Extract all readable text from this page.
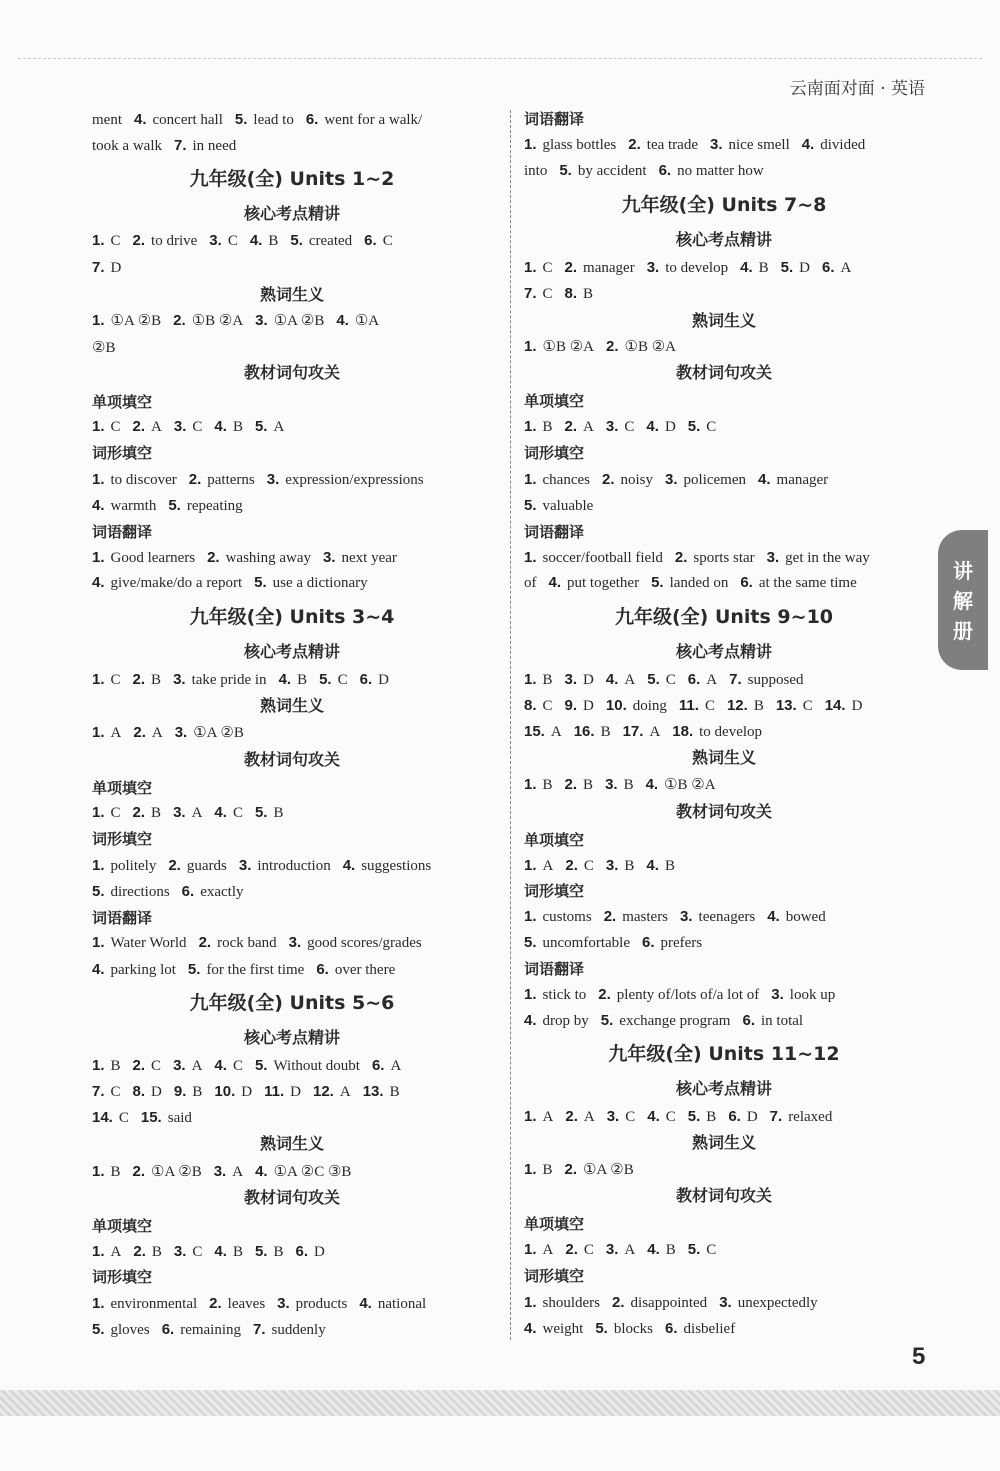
云南面对面 · 英语
ment 4. concert hall 5. lead to 6. went for a walk/
took a walk 7. in need
九年级(全) Units 1~2
核心考点精讲
1. C 2. to drive 3. C 4. B 5. created 6. C
7. D
熟词生义
1. ①A ②B 2. ①B ②A 3. ①A ②B 4. ①A
②B
教材词句攻关
单项填空
1. C 2. A 3. C 4. B 5. A
词形填空
1. to discover 2. patterns 3. expression/expressions
4. warmth 5. repeating
词语翻译
1. Good learners 2. washing away 3. next year
4. give/make/do a report 5. use a dictionary
九年级(全) Units 3~4
核心考点精讲
1. C 2. B 3. take pride in 4. B 5. C 6. D
熟词生义
1. A 2. A 3. ①A ②B
教材词句攻关
单项填空
1. C 2. B 3. A 4. C 5. B
词形填空
1. politely 2. guards 3. introduction 4. suggestions
5. directions 6. exactly
词语翻译
1. Water World 2. rock band 3. good scores/grades
4. parking lot 5. for the first time 6. over there
九年级(全) Units 5~6
核心考点精讲
1. B 2. C 3. A 4. C 5. Without doubt 6. A
7. C 8. D 9. B 10. D 11. D 12. A 13. B
14. C 15. said
熟词生义
1. B 2. ①A ②B 3. A 4. ①A ②C ③B
教材词句攻关
单项填空
1. A 2. B 3. C 4. B 5. B 6. D
词形填空
1. environmental 2. leaves 3. products 4. national
5. gloves 6. remaining 7. suddenly
词语翻译
1. glass bottles 2. tea trade 3. nice smell 4. divided
into 5. by accident 6. no matter how
九年级(全) Units 7~8
核心考点精讲
1. C 2. manager 3. to develop 4. B 5. D 6. A
7. C 8. B
熟词生义
1. ①B ②A 2. ①B ②A
教材词句攻关
单项填空
1. B 2. A 3. C 4. D 5. C
词形填空
1. chances 2. noisy 3. policemen 4. manager
5. valuable
词语翻译
1. soccer/football field 2. sports star 3. get in the way
of 4. put together 5. landed on 6. at the same time
九年级(全) Units 9~10
核心考点精讲
1. B 3. D 4. A 5. C 6. A 7. supposed
8. C 9. D 10. doing 11. C 12. B 13. C 14. D
15. A 16. B 17. A 18. to develop
熟词生义
1. B 2. B 3. B 4. ①B ②A
教材词句攻关
单项填空
1. A 2. C 3. B 4. B
词形填空
1. customs 2. masters 3. teenagers 4. bowed
5. uncomfortable 6. prefers
词语翻译
1. stick to 2. plenty of/lots of/a lot of 3. look up
4. drop by 5. exchange program 6. in total
九年级(全) Units 11~12
核心考点精讲
1. A 2. A 3. C 4. C 5. B 6. D 7. relaxed
熟词生义
1. B 2. ①A ②B
教材词句攻关
单项填空
1. A 2. C 3. A 4. B 5. C
词形填空
1. shoulders 2. disappointed 3. unexpectedly
4. weight 5. blocks 6. disbelief
讲
解
册
5
